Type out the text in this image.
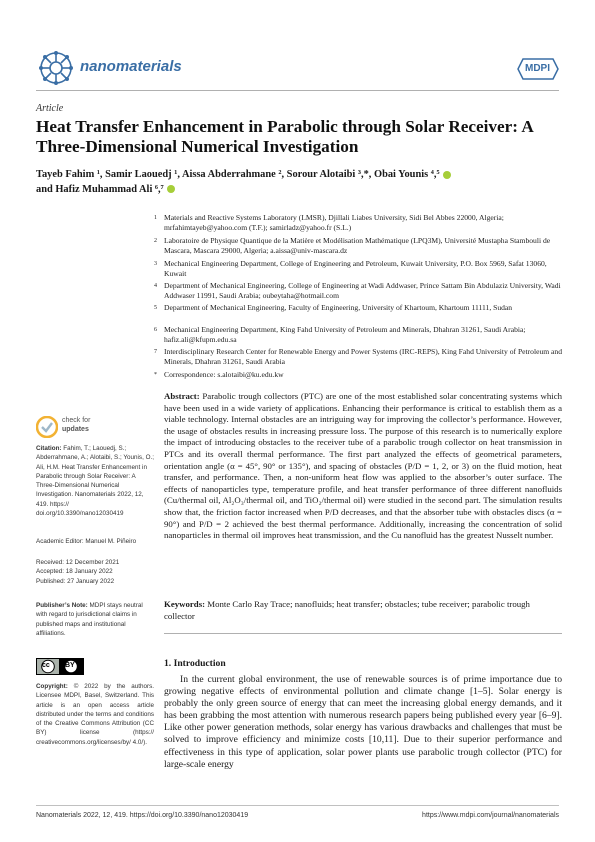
nanomaterials	MDPI
Article
Heat Transfer Enhancement in Parabolic through Solar Receiver: A Three-Dimensional Numerical Investigation
Tayeb Fahim ¹, Samir Laouedj ¹, Aissa Abderrahmane ², Sorour Alotaibi ³,*, Obai Younis ⁴,⁵
and Hafiz Muhammad Ali ⁶,⁷
1 Materials and Reactive Systems Laboratory (LMSR), Djillali Liabes University, Sidi Bel Abbes 22000, Algeria; mrfahimtayeb@yahoo.com (T.F.); samirladz@yahoo.fr (S.L.)
2 Laboratoire de Physique Quantique de la Matière et Modélisation Mathématique (LPQ3M), Université Mustapha Stambouli de Mascara, Mascara 29000, Algeria; a.aissa@univ-mascara.dz
3 Mechanical Engineering Department, College of Engineering and Petroleum, Kuwait University, P.O. Box 5969, Safat 13060, Kuwait
4 Department of Mechanical Engineering, College of Engineering at Wadi Addwaser, Prince Sattam Bin Abdulaziz University, Wadi Addwaser 11991, Saudi Arabia; oubeytaha@hotmail.com
5 Department of Mechanical Engineering, Faculty of Engineering, University of Khartoum, Khartoum 11111, Sudan
6 Mechanical Engineering Department, King Fahd University of Petroleum and Minerals, Dhahran 31261, Saudi Arabia; hafiz.ali@kfupm.edu.sa
7 Interdisciplinary Research Center for Renewable Energy and Power Systems (IRC-REPS), King Fahd University of Petroleum and Minerals, Dhahran 31261, Saudi Arabia
* Correspondence: s.alotaibi@ku.edu.kw
check for
updates
Citation: Fahim, T.; Laouedj, S.; Abderrahmane, A.; Alotaibi, S.; Younis, O.; Ali, H.M. Heat Transfer Enhancement in Parabolic through Solar Receiver: A Three-Dimensional Numerical Investigation. Nanomaterials 2022, 12, 419. https:// doi.org/10.3390/nano12030419
Academic Editor: Manuel M. Piñeiro
Received: 12 December 2021
Accepted: 18 January 2022
Published: 27 January 2022
Publisher’s Note: MDPI stays neutral with regard to jurisdictional claims in published maps and institutional affiliations.
cc BY
Copyright: © 2022 by the authors. Licensee MDPI, Basel, Switzerland. This article is an open access article distributed under the terms and conditions of the Creative Commons Attribution (CC BY) license (https:// creativecommons.org/licenses/by/ 4.0/).
Abstract: Parabolic trough collectors (PTC) are one of the most established solar concentrating systems which have been used in a wide variety of applications. Enhancing their performance is critical to establish them as a viable technology. Internal obstacles are an intriguing way for improving the collector’s performance. However, the usage of obstacles results in increasing pressure loss. The purpose of this research is to numerically explore the impact of introducing obstacles to the receiver tube of a parabolic trough collector on heat transmission in PTCs and its overall thermal performance. The first part analyzed the effects of geometrical parameters, orientation angle (α = 45°, 90° or 135°), and spacing of obstacles (P/D = 1, 2, or 3) on the fluid motion, heat transfer, and performance. Then, a non-uniform heat flow was applied to the absorber’s outer surface. The effects of nanoparticles type, temperature profile, and heat transfer performance of three different nanofluids (Cu/thermal oil, Al₂O₃/thermal oil, and TiO₂/thermal oil) were studied in the second part. The simulation results show that, the friction factor increased when P/D decreases, and that the absorber tube with obstacles discs (α = 90°) and P/D = 2 achieved the best thermal performance. Additionally, increasing the concentration of solid nanoparticles in thermal oil improves heat transmission, and the Cu nanofluid has the greatest Nusselt number.
Keywords: Monte Carlo Ray Trace; nanofluids; heat transfer; obstacles; tube receiver; parabolic trough collector
1. Introduction

In the current global environment, the use of renewable sources is of prime importance due to growing negative effects of environmental pollution and climate change [1–5]. Solar energy is probably the only green source of energy that can meet the increasing global energy demands, and it has been grabbing the most attention with numerous research papers being published every year [6–9]. Like other power generation methods, solar energy has various drawbacks and challenges that must be solved to improve efficiency and minimize costs [10,11]. Due to their superior performance and effectiveness in this type of application, solar power plants use parabolic trough collector (PTC) for large-scale energy

Nanomaterials 2022, 12, 419. https://doi.org/10.3390/nano12030419	https://www.mdpi.com/journal/nanomaterials
